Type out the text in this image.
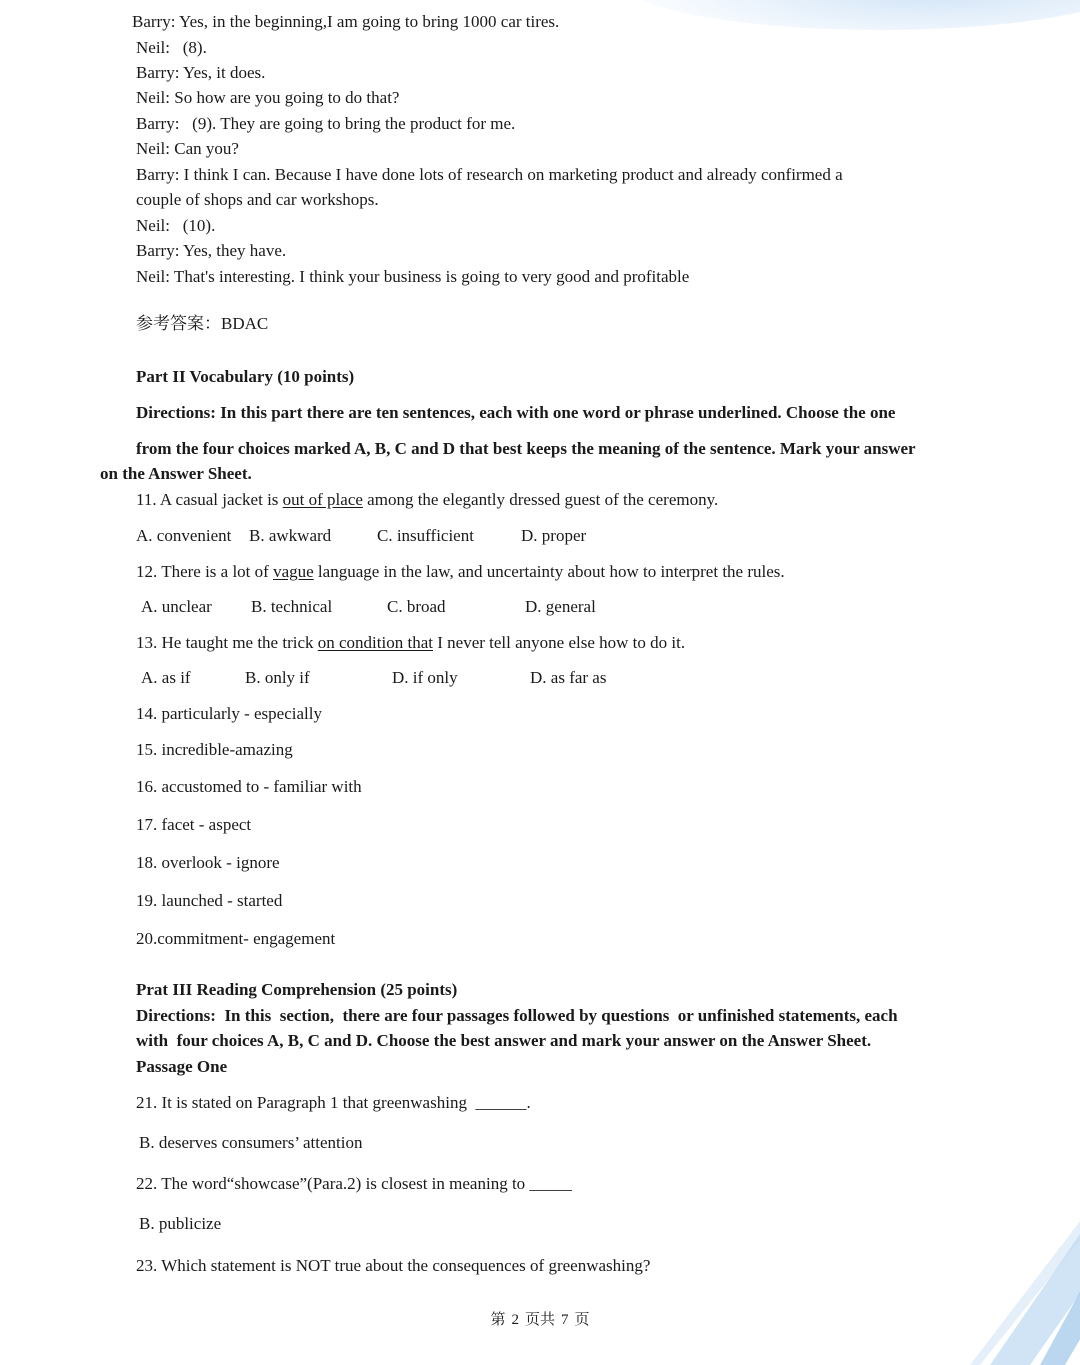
Barry: Yes, in the beginning,I am going to bring 1000 car tires.
Neil:   (8).
Barry: Yes, it does.
Neil: So how are you going to do that?
Barry:   (9). They are going to bring the product for me.
Neil: Can you?
Barry: I think I can. Because I have done lots of research on marketing product and already confirmed a
couple of shops and car workshops.
Neil:   (10).
Barry: Yes, they have.
Neil: That's interesting. I think your business is going to very good and profitable
参考答案：BDAC
Part II Vocabulary (10 points)
Directions: In this part there are ten sentences, each with one word or phrase underlined. Choose the one
from the four choices marked A, B, C and D that best keeps the meaning of the sentence. Mark your answer
on the Answer Sheet.
11. A casual jacket is out of place among the elegantly dressed guest of the ceremony.
A. convenient B. awkward	C. insufficient	D. proper
12. There is a lot of vague language in the law, and uncertainty about how to interpret the rules.
A. unclear B. technical	C. broad	D. general
13. He taught me the trick on condition that I never tell anyone else how to do it.
A. as if	B. only if	D. if only	D. as far as
14. particularly - especially
15. incredible-amazing
16. accustomed to - familiar with
17. facet - aspect
18. overlook - ignore
19. launched - started
20.commitment- engagement
Prat III Reading Comprehension (25 points)
Directions:  In this  section,  there are four passages followed by questions  or unfinished statements, each
with  four choices A, B, C and D. Choose the best answer and mark your answer on the Answer Sheet.
Passage One
21. It is stated on Paragraph 1 that greenwashing  ______.
B. deserves consumers’ attention
22. The word“showcase”(Para.2) is closest in meaning to _____
B. publicize
23. Which statement is NOT true about the consequences of greenwashing?
第 2 页共 7 页
